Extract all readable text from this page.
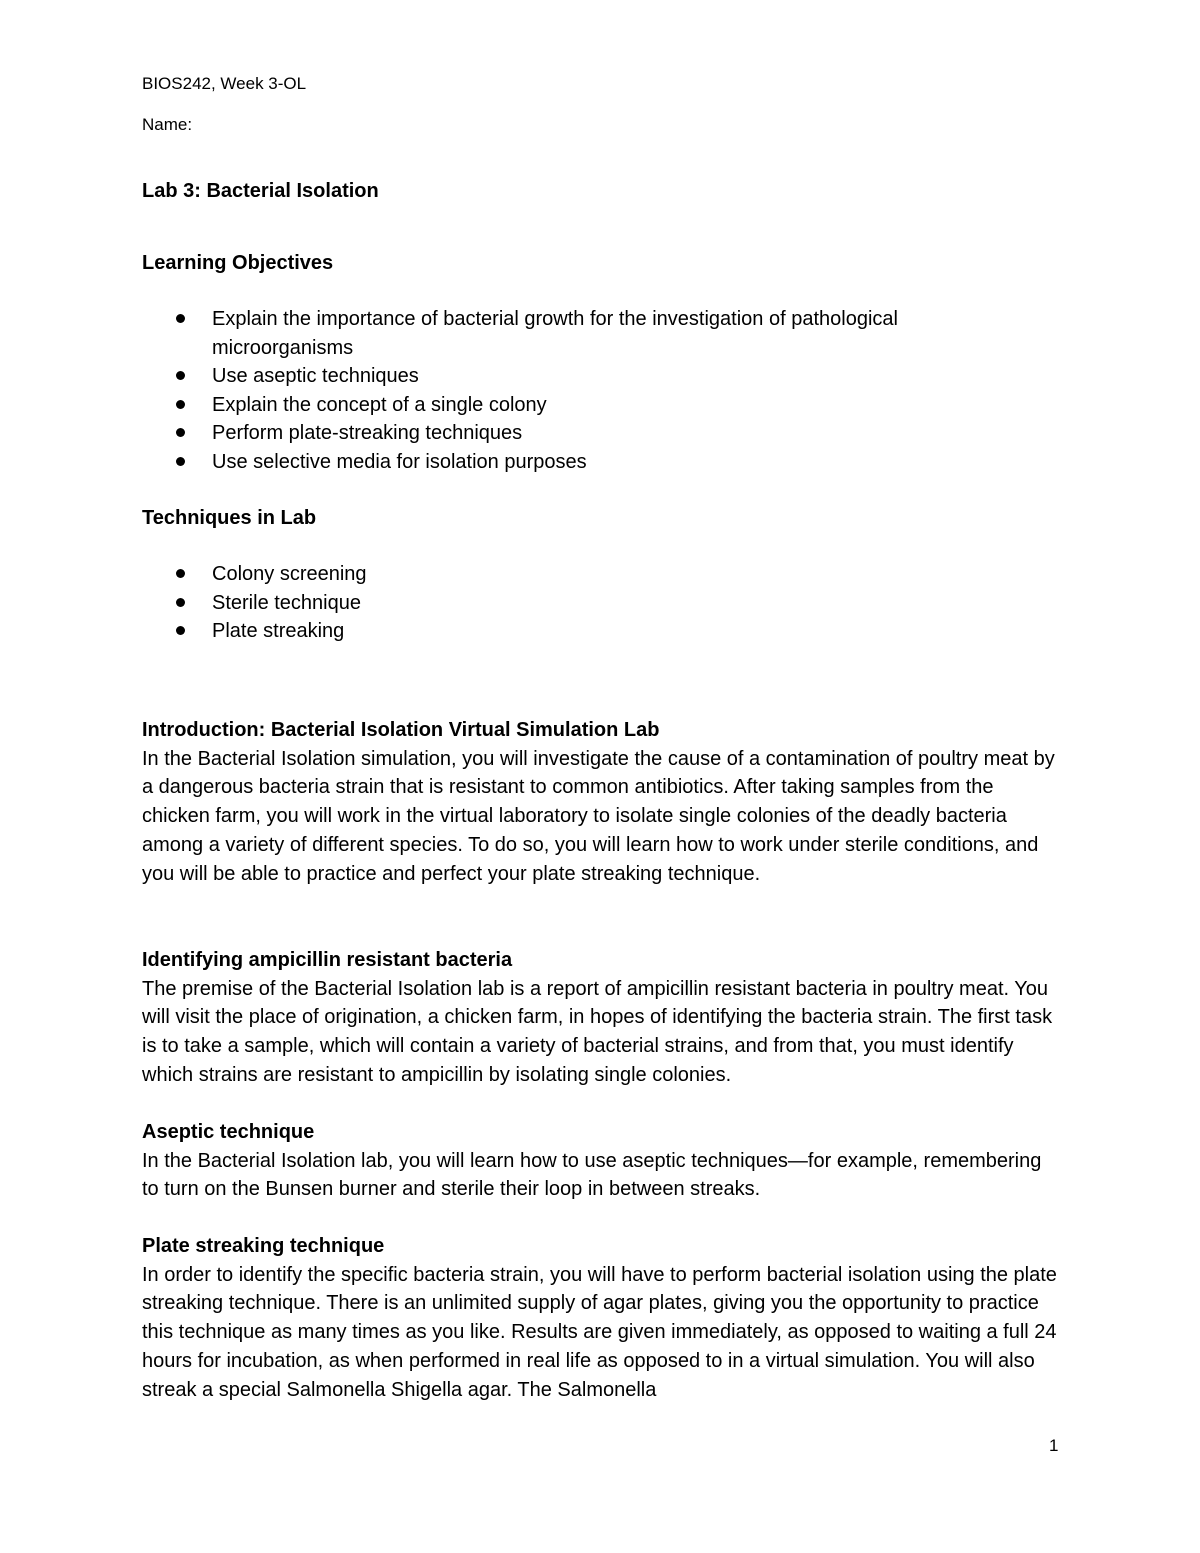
BIOS242, Week 3-OL
Name:
Lab 3: Bacterial Isolation
Learning Objectives
Explain the importance of bacterial growth for the investigation of pathological microorganisms
Use aseptic techniques
Explain the concept of a single colony
Perform plate-streaking techniques
Use selective media for isolation purposes
Techniques in Lab
Colony screening
Sterile technique
Plate streaking
Introduction: Bacterial Isolation Virtual Simulation Lab
In the Bacterial Isolation simulation, you will investigate the cause of a contamination of poultry meat by a dangerous bacteria strain that is resistant to common antibiotics. After taking samples from the chicken farm, you will work in the virtual laboratory to isolate single colonies of the deadly bacteria among a variety of different species. To do so, you will learn how to work under sterile conditions, and you will be able to practice and perfect your plate streaking technique.
Identifying ampicillin resistant bacteria
The premise of the Bacterial Isolation lab is a report of ampicillin resistant bacteria in poultry meat. You will visit the place of origination, a chicken farm, in hopes of identifying the bacteria strain. The first task is to take a sample, which will contain a variety of bacterial strains, and from that, you must identify which strains are resistant to ampicillin by isolating single colonies.
Aseptic technique
In the Bacterial Isolation lab, you will learn how to use aseptic techniques—for example, remembering to turn on the Bunsen burner and sterile their loop in between streaks.
Plate streaking technique
In order to identify the specific bacteria strain, you will have to perform bacterial isolation using the plate streaking technique. There is an unlimited supply of agar plates, giving you the opportunity to practice this technique as many times as you like. Results are given immediately, as opposed to waiting a full 24 hours for incubation, as when performed in real life as opposed to in a virtual simulation. You will also streak a special Salmonella Shigella agar. The Salmonella
1
